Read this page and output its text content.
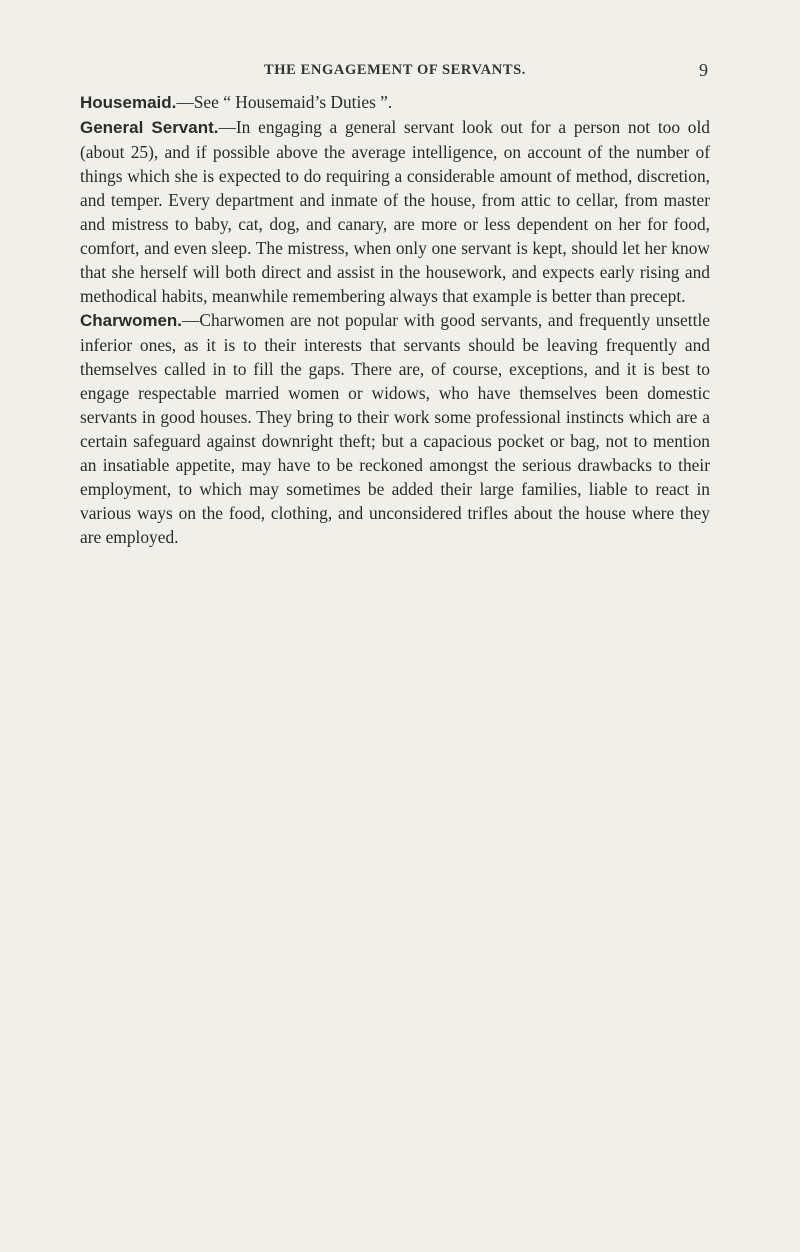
THE ENGAGEMENT OF SERVANTS.	9

Housemaid.—See “ Housemaid’s Duties ”.

General Servant.—In engaging a general servant look out for a person not too old (about 25), and if possible above the average intelligence, on account of the number of things which she is expected to do requiring a considerable amount of method, discretion, and temper. Every department and inmate of the house, from attic to cellar, from master and mistress to baby, cat, dog, and canary, are more or less dependent on her for food, comfort, and even sleep. The mistress, when only one servant is kept, should let her know that she herself will both direct and assist in the housework, and expects early rising and methodical habits, meanwhile remembering always that example is better than precept.

Charwomen.—Charwomen are not popular with good servants, and frequently unsettle inferior ones, as it is to their interests that servants should be leaving frequently and themselves called in to fill the gaps. There are, of course, exceptions, and it is best to engage respectable married women or widows, who have themselves been domestic servants in good houses. They bring to their work some professional instincts which are a certain safeguard against downright theft; but a capacious pocket or bag, not to mention an insatiable appetite, may have to be reckoned amongst the serious drawbacks to their employment, to which may sometimes be added their large families, liable to react in various ways on the food, clothing, and unconsidered trifles about the house where they are employed.
